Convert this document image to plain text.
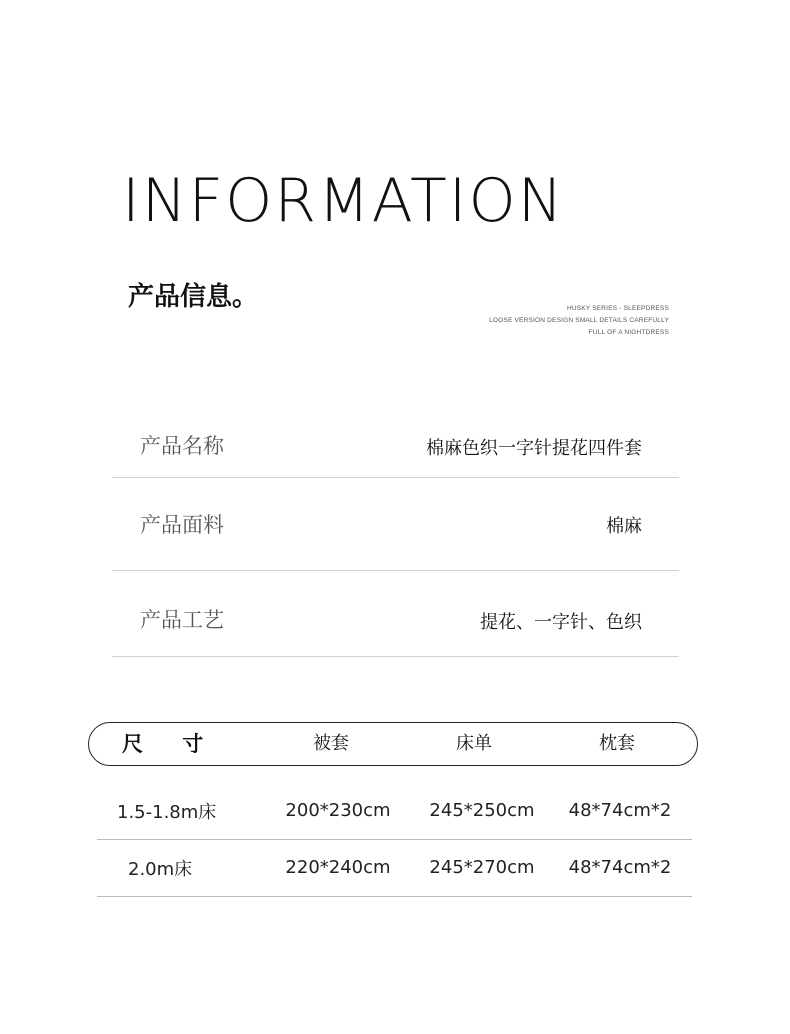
INFORMATION
产品信息。	HUSKY SERIES - SLEEPDRESS
LOOSE VERSION DESIGN SMALL DETAILS CAREFULLY
FULL OF A NIGHTDRESS
产品名称	棉麻色织一字针提花四件套
产品面料	棉麻
产品工艺	提花、一字针、色织
尺 寸	被套	床单	枕套
1.5-1.8m床	200*230cm	245*250cm	48*74cm*2
2.0m床	220*240cm	245*270cm	48*74cm*2
